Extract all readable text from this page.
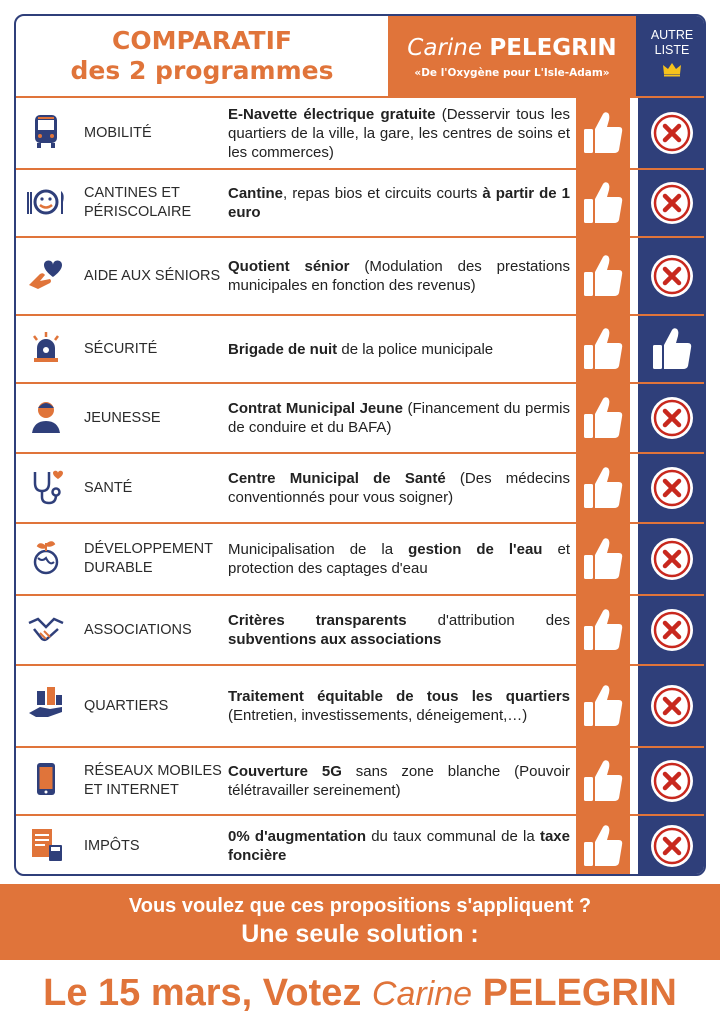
COMPARATIF
des 2 programmes
Carine PELEGRIN
«De l'Oxygène pour L'Isle-Adam»
AUTRE
LISTE
MOBILITÉ
E-Navette électrique gratuite (Desservir tous les quartiers de la ville, la gare, les centres de soins et les commerces)
CANTINES ET PÉRISCOLAIRE
Cantine, repas bios et circuits courts à partir de 1 euro
AIDE AUX SÉNIORS
Quotient sénior (Modulation des prestations municipales en fonction des revenus)
SÉCURITÉ	Brigade de nuit de la police municipale
JEUNESSE
Contrat Municipal Jeune (Financement du permis de conduire et du BAFA)
SANTÉ
Centre Municipal de Santé (Des médecins conventionnés pour vous soigner)
DÉVELOPPEMENT DURABLE
Municipalisation de la gestion de l'eau et protection des captages d'eau
ASSOCIATIONS
Critères transparents d'attribution des subventions aux associations
QUARTIERS
Traitement équitable de tous les quartiers (Entretien, investissements, déneigement,…)
RÉSEAUX MOBILES ET INTERNET
Couverture 5G sans zone blanche (Pouvoir télétravailler sereinement)
IMPÔTS
0% d'augmentation du taux communal de la taxe foncière
Vous voulez que ces propositions s'appliquent ?
Une seule solution :
Le 15 mars, Votez Carine PELEGRIN
